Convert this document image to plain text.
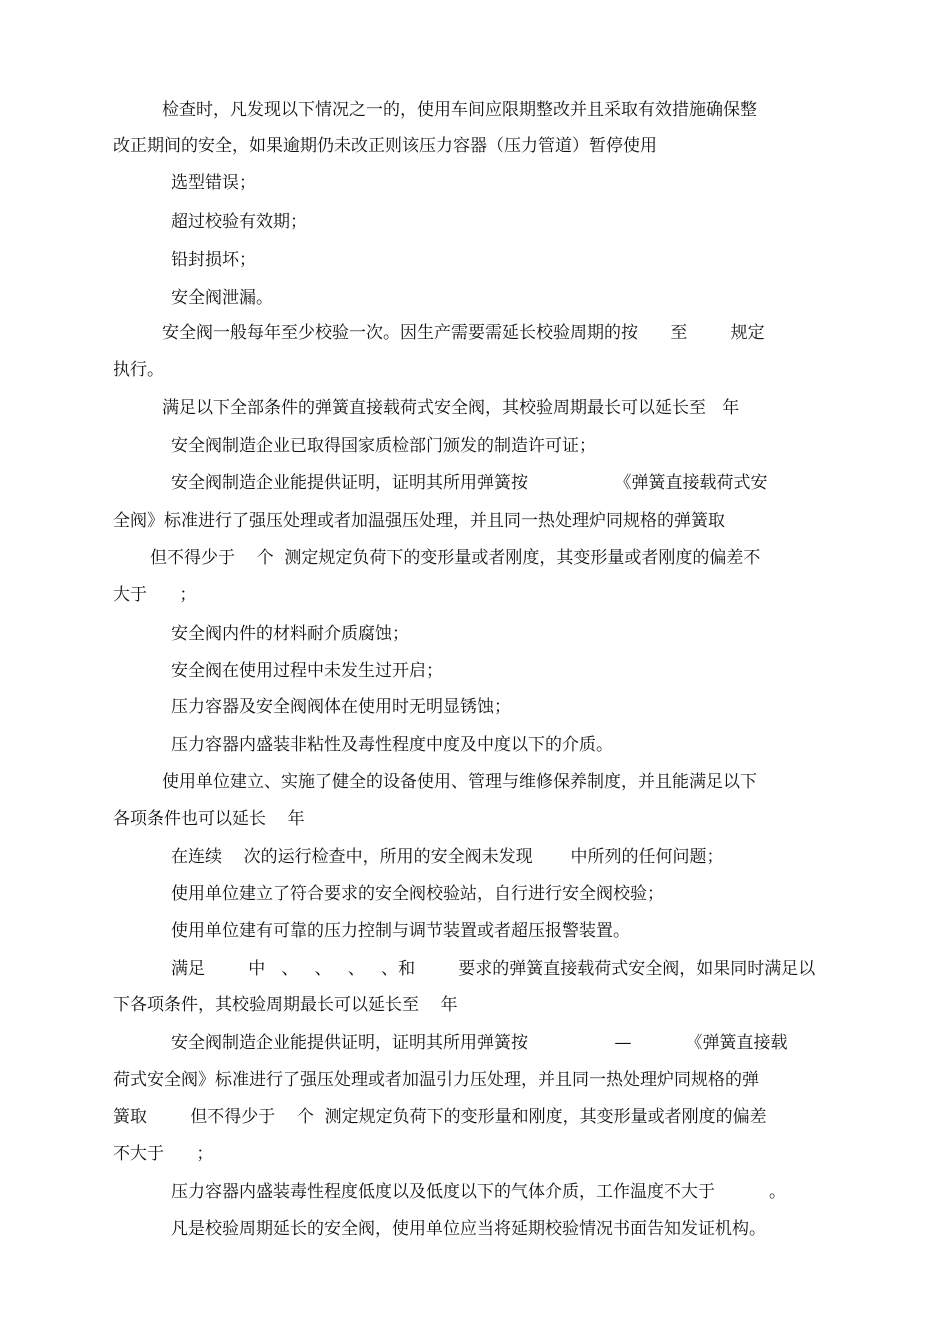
检查时，凡发现以下情况之一的，使用车间应限期整改并且采取有效措施确保整
改正期间的安全，如果逾期仍未改正则该压力容器（压力管道）暂停使用
选型错误；
超过校验有效期；
铅封损坏；
安全阀泄漏。
安全阀一般每年至少校验一次。因生产需要需延长校验周期的按      至        规定
执行。
满足以下全部条件的弹簧直接载荷式安全阀，其校验周期最长可以延长至   年
安全阀制造企业已取得国家质检部门颁发的制造许可证；
安全阀制造企业能提供证明，证明其所用弹簧按                《弹簧直接载荷式安
全阀》标准进行了强压处理或者加温强压处理，并且同一热处理炉同规格的弹簧取
但不得少于    个  测定规定负荷下的变形量或者刚度，其变形量或者刚度的偏差不
大于      ；
安全阀内件的材料耐介质腐蚀；
安全阀在使用过程中未发生过开启；
压力容器及安全阀阀体在使用时无明显锈蚀；
压力容器内盛装非粘性及毒性程度中度及中度以下的介质。
使用单位建立、实施了健全的设备使用、管理与维修保养制度，并且能满足以下
各项条件也可以延长    年
在连续    次的运行检查中，所用的安全阀未发现       中所列的任何问题；
使用单位建立了符合要求的安全阀校验站，自行进行安全阀校验；
使用单位建有可靠的压力控制与调节装置或者超压报警装置。
满足        中   、   、   、   、和        要求的弹簧直接载荷式安全阀，如果同时满足以
下各项条件，其校验周期最长可以延长至    年
安全阀制造企业能提供证明，证明其所用弹簧按                —          《弹簧直接载
荷式安全阀》标准进行了强压处理或者加温引力压处理，并且同一热处理炉同规格的弹
簧取        但不得少于    个  测定规定负荷下的变形量和刚度，其变形量或者刚度的偏差
不大于      ；
压力容器内盛装毒性程度低度以及低度以下的气体介质，工作温度不大于          。
凡是校验周期延长的安全阀，使用单位应当将延期校验情况书面告知发证机构。
